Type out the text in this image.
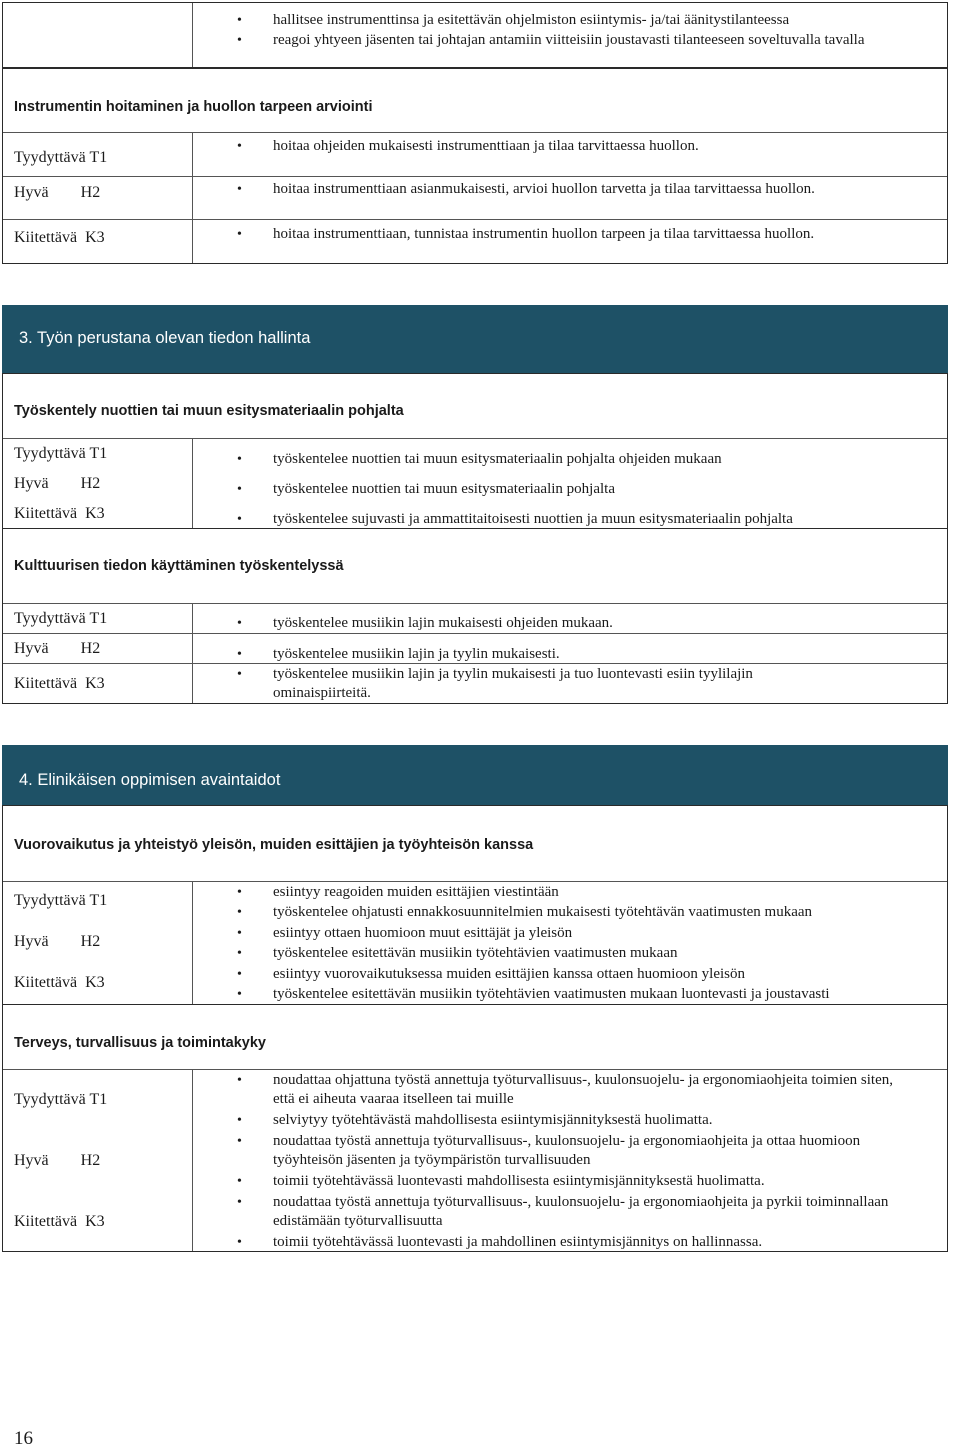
• hallitsee instrumenttinsa ja esitettävän ohjelmiston esiintymis- ja/tai äänitystilanteessa
• reagoi yhtyeen jäsenten tai johtajan antamiin viitteisiin joustavasti tilanteeseen soveltuvalla tavalla
Instrumentin hoitaminen ja huollon tarpeen arviointi
Tyydyttävä T1
Hyvä        H2
Kiitettävä  K3
• hoitaa ohjeiden mukaisesti instrumenttiaan ja tilaa tarvittaessa huollon.
• hoitaa instrumenttiaan asianmukaisesti, arvioi huollon tarvetta ja tilaa tarvittaessa huollon.
• hoitaa instrumenttiaan, tunnistaa instrumentin huollon tarpeen ja tilaa tarvittaessa huollon.
3. Työn perustana olevan tiedon hallinta
Työskentely nuottien tai muun esitysmateriaalin pohjalta
Tyydyttävä T1
Hyvä        H2
Kiitettävä  K3
• työskentelee nuottien tai muun esitysmateriaalin pohjalta ohjeiden mukaan
• työskentelee nuottien tai muun esitysmateriaalin pohjalta
• työskentelee sujuvasti ja ammattitaitoisesti nuottien ja muun esitysmateriaalin pohjalta
Kulttuurisen tiedon käyttäminen työskentelyssä
Tyydyttävä T1
Hyvä        H2
Kiitettävä  K3
• työskentelee musiikin lajin mukaisesti ohjeiden mukaan.
• työskentelee musiikin lajin ja tyylin mukaisesti.
• työskentelee musiikin lajin ja tyylin mukaisesti ja tuo luontevasti esiin tyylilajin ominaispiirteitä.
4. Elinikäisen oppimisen avaintaidot
Vuorovaikutus ja yhteistyö yleisön, muiden esittäjien ja työyhteisön kanssa
Tyydyttävä T1
Hyvä        H2
Kiitettävä  K3
• esiintyy reagoiden muiden esittäjien viestintään
• työskentelee ohjatusti ennakkosuunnitelmien mukaisesti työtehtävän vaatimusten mukaan
• esiintyy ottaen huomioon muut esittäjät ja yleisön
• työskentelee esitettävän musiikin työtehtävien vaatimusten mukaan
• esiintyy vuorovaikutuksessa muiden esittäjien kanssa ottaen huomioon yleisön
• työskentelee esitettävän musiikin työtehtävien vaatimusten mukaan luontevasti ja joustavasti
Terveys, turvallisuus ja toimintakyky
Tyydyttävä T1
Hyvä        H2
Kiitettävä  K3
• noudattaa ohjattuna työstä annettuja työturvallisuus-, kuulonsuojelu- ja ergonomiaohjeita toimien siten, että ei aiheuta vaaraa itselleen tai muille
• selviytyy työtehtävästä mahdollisesta esiintymisjännityksestä huolimatta.
• noudattaa työstä annettuja työturvallisuus-, kuulonsuojelu- ja ergonomiaohjeita ja ottaa huomioon työyhteisön jäsenten ja työympäristön turvallisuuden
• toimii työtehtävässä luontevasti mahdollisesta esiintymisjännityksestä huolimatta.
• noudattaa työstä annettuja työturvallisuus-, kuulonsuojelu- ja ergonomiaohjeita ja pyrkii toiminnallaan edistämään työturvallisuutta
• toimii työtehtävässä luontevasti ja mahdollinen esiintymisjännitys on hallinnassa.
16
